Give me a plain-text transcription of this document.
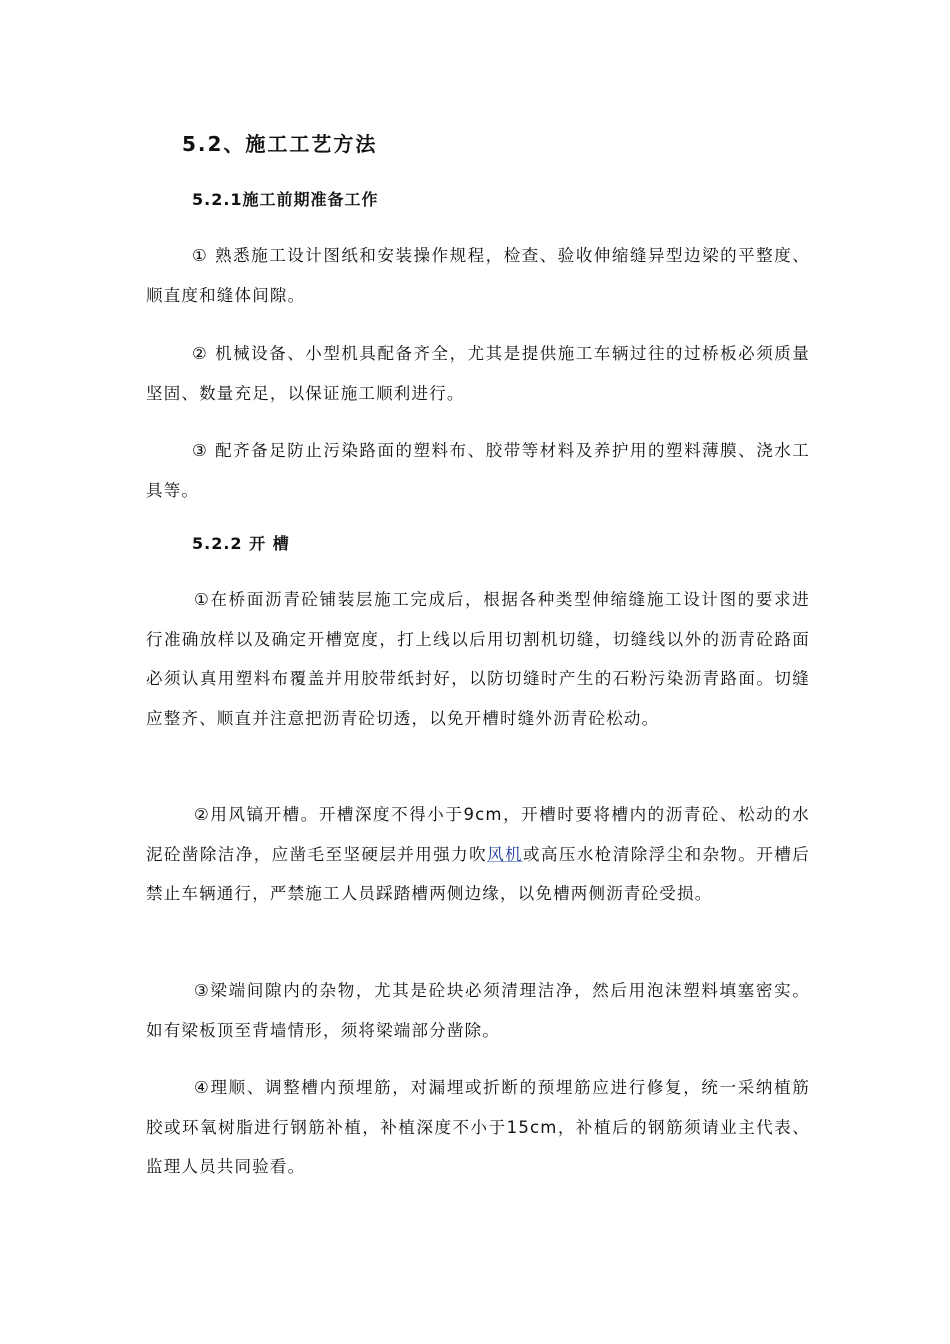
5.2、施工工艺方法
5.2.1施工前期准备工作

① 熟悉施工设计图纸和安装操作规程，检查、验收伸缩缝异型边梁的平整度、顺直度和缝体间隙。

② 机械设备、小型机具配备齐全，尤其是提供施工车辆过往的过桥板必须质量坚固、数量充足，以保证施工顺利进行。

③ 配齐备足防止污染路面的塑料布、胶带等材料及养护用的塑料薄膜、浇水工具等。

5.2.2 开 槽

①在桥面沥青砼铺装层施工完成后，根据各种类型伸缩缝施工设计图的要求进行准确放样以及确定开槽宽度，打上线以后用切割机切缝，切缝线以外的沥青砼路面必须认真用塑料布覆盖并用胶带纸封好，以防切缝时产生的石粉污染沥青路面。切缝应整齐、顺直并注意把沥青砼切透，以免开槽时缝外沥青砼松动。

②用风镐开槽。开槽深度不得小于9cm，开槽时要将槽内的沥青砼、松动的水泥砼凿除洁净，应凿毛至坚硬层并用强力吹风机或高压水枪清除浮尘和杂物。开槽后禁止车辆通行，严禁施工人员踩踏槽两侧边缘，以免槽两侧沥青砼受损。

③梁端间隙内的杂物，尤其是砼块必须清理洁净，然后用泡沫塑料填塞密实。如有梁板顶至背墙情形，须将梁端部分凿除。

④理顺、调整槽内预埋筋，对漏埋或折断的预埋筋应进行修复，统一采纳植筋胶或环氧树脂进行钢筋补植，补植深度不小于15cm，补植后的钢筋须请业主代表、监理人员共同验看。
